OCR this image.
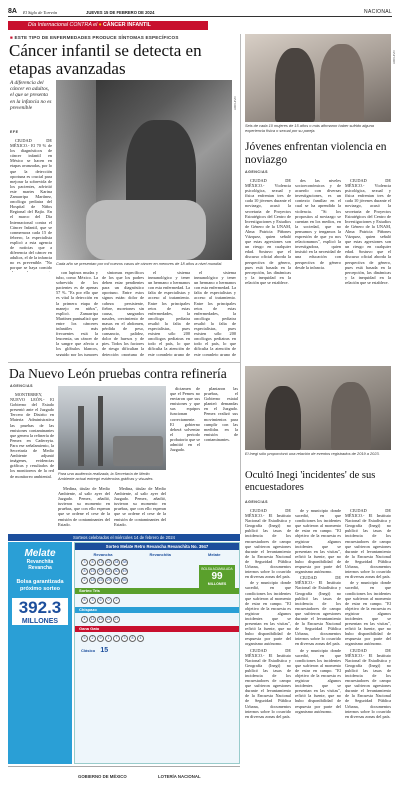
8A El Siglo de Torreón	JUEVES 15 DE FEBRERO DE 2024	NACIONAL
Día Internacional CONTRA el ♦ CÁNCER INFANTIL
■ ESTE TIPO DE ENFERMEDADES PRODUCE SÍNTOMAS ESPECÍFICOS
Cáncer infantil se detecta en etapas avanzadas
A diferencia del cáncer en adultos, el que se presenta en la infancia no es prevenible
EFE

CIUDAD DE MÉXICO.- El 70 % de los diagnósticos de cáncer infantil en México se hacen en etapas avanzadas, por lo que la detección oportuna es crucial para mejorar la sobrevida de los pacientes, advirtió este martes Karina Zamarripa Martínez, oncóloga pediatra del Hospital de Niños Regional del Bajío. En el marco del Día Internacional contra el Cáncer Infantil, que se conmemora cada 15 de febrero, la especialista explicó a esta agencia de noticias que a diferencia del cáncer en adultos, el de la infancia no es prevenible. "No porque se haya comido

ARCHIVO
Cada año se presentan por mil nuevos casos de cáncer en menores de 18 años a nivel mundial.

con lupinos mudas y tubo, como México. La sobrevida de los pacientes es de apenas 57 %. "Es por ello que es vital la detección en la primera etapa de manejo en niños", explicó. Zamarripa Martínez puntualizó que entre los cánceres infantiles más frecuentes está la leucemia, un cáncer de la sangre que afecta a los glóbulos blancos, seguido por los tumores

síntomas específicos de los que los padres deben estar pendientes para un diagnóstico oportuno. Entre estos signos están: dolor de cabeza persistente, fiebre, moretones sin causa, sangrados nasales, crecimiento de masas en el abdomen, pérdida de peso, cansancio, palidez, dolor de huesos y de pies. Todos los factores de riesgo dificultan la detección oportuna de

el sistema inmunológico y tener un hermano o hermanos con esta enfermedad. La falta de especialistas y acceso al tratamiento. Entre los principales retos de estas enfermedades, la oncóloga pediatra resaltó la falta de especialistas, pues existen sólo 200 oncólogos pediatras en todo el país, lo que dificulta la atención de este complejo grupo de

el sistema inmunológico y tener un hermano o hermanos con esta enfermedad. La falta de especialistas y acceso al tratamiento. Entre los principales retos de estas enfermedades, la oncóloga pediatra resaltó la falta de especialistas, pues existen sólo 200 oncólogos pediatras en todo el país, lo que dificulta la atención de este complejo grupo de

ARCHIVO
Seis de cada 10 mujeres de 15 años o más afirmaron haber sufrido alguna experiencia física o sexual por su pareja.
Jóvenes enfrentan violencia en noviazgo
AGENCIAS

CIUDAD DE MÉXICO.- Violencia psicológica, sexual y física enfrentan tres de cada 10 jóvenes durante el noviazgo, acusó la secretaria de Proyectos Estratégicos del Centro de Investigaciones y Estudios de Género de la UNAM, Alma Patricia Piñones Vázquez, quien señaló que estas agresiones son un riesgo en cualquier edad. Sostuvo que el discurso oficial aborda la perspectiva de género, pues está basada en la percepción, las dinámicas y la inequidad en la relación que se establece.

des las niveles socioeconómicos y de acuerdo con diversas investigaciones, es un contexto familiar en el cual se ha aprendido la violencia. "Si los propositos al noviazgo se cuentan en los medios, en la sociedad, que no pensamos y tengamos la expresión de que ya nos relacionamos", explicó la investigadora, quien insistió en la necesidad de una educación con perspectiva de género desde la infancia.

CIUDAD DE MÉXICO.- Violencia psicológica, sexual y física enfrentan tres de cada 10 jóvenes durante el noviazgo, acusó la secretaria de Proyectos Estratégicos del Centro de Investigaciones y Estudios de Género de la UNAM, Alma Patricia Piñones Vázquez, quien señaló que estas agresiones son un riesgo en cualquier edad. Sostuvo que el discurso oficial aborda la perspectiva de género, pues está basada en la percepción, las dinámicas y la inequidad en la relación que se establece.

Da Nuevo León pruebas contra refinería
AGENCIAS

MONTERREY, NUEVO LEÓN.- El Gobierno del Estado presentó ante el Juzgado Tercero de Distrito en Materia Administrativa las pruebas de las emisiones contaminantes que genera la refinería de Pemex en Cadereyta. Para ese señalamiento, la Secretaría de Medio Ambiente adjuntó imágenes, evidencias gráficas y resultados de los monitoreos de la red de monitoreo ambiental.	Para una audiencia realizada, la Secretaría de Medio Ambiente actual entregó evidencias gráficas y visuales.

Medina, titular de Medio Ambiente, al salir ayer del Juzgado. Pemex, añadió, tuvieron su momento en pruebas, que con ello esperan que se ordene el cese de la emisión de contaminantes del Estado.

Medina, titular de Medio Ambiente, al salir ayer del Juzgado. Pemex, añadió, tuvieron su momento en pruebas, que con ello esperan que se ordene el cese de la emisión de contaminantes del Estado.

dictamen de que el Pemex no enviaron que sus emisiones y que sus equipos funcionan correctamente. El gobierno deberá solventar el periodo probatorio que se admitió en el Juzgado.

plantaron las pruebas, el Gobierno estatal planteó demandas en el Juzgado. Pemex realizó sus movimientos para cumplir con las medidas en la emisión de contaminantes.

El Inegi sólo proporcionó una relación de eventos registrados de 2019 a 2023.
Ocultó Inegi 'incidentes' de sus encuestadores
AGENCIAS

CIUDAD DE MÉXICO.- El Instituto Nacional de Estadística y Geografía (Inegi) no publicó las tasas de incidencia de los encuestadores de campo que sufrieron agresiones durante el levantamiento de la Encuesta Nacional de Seguridad Pública Urbana, documentos internos sobre lo ocurrido en diversas zonas del país.

de y municipio donde sucedió, en que condiciones los incidentes que sufrieron al momento de estar en campo. "El objetivo de la encuesta es registrar algunos incidentes que se presentan en las visitas", refirió la fuente, que no hubo disponibilidad de respuesta por parte del organismo autónomo.

CIUDAD DE MÉXICO.- El Instituto Nacional de Estadística y Geografía (Inegi) no publicó las tasas de incidencia de los encuestadores de campo que sufrieron agresiones durante el levantamiento de la Encuesta Nacional de Seguridad Pública Urbana, documentos internos sobre lo ocurrido en diversas zonas del país.

de y municipio donde sucedió, en que condiciones los incidentes que sufrieron al momento de estar en campo. "El objetivo de la encuesta es registrar algunos incidentes que se presentan en las visitas", refirió la fuente, que no hubo disponibilidad de respuesta por parte del organismo autónomo.

CIUDAD DE MÉXICO.- El Instituto Nacional de Estadística y Geografía (Inegi) no publicó las tasas de incidencia de los encuestadores de campo que sufrieron agresiones durante el levantamiento de la Encuesta Nacional de Seguridad Pública Urbana, documentos internos sobre lo ocurrido en diversas zonas del país.

de y municipio donde sucedió, en que condiciones los incidentes que sufrieron al momento de estar en campo. "El objetivo de la encuesta es registrar algunos incidentes que se presentan en las visitas", refirió la fuente, que no hubo disponibilidad de respuesta por parte del organismo autónomo.

CIUDAD DE MÉXICO.- El Instituto Nacional de Estadística y Geografía (Inegi) no publicó las tasas de incidencia de los encuestadores de campo que sufrieron agresiones durante el levantamiento de la Encuesta Nacional de Seguridad Pública Urbana, documentos internos sobre lo ocurrido en diversas zonas del país.

de y municipio donde sucedió, en que condiciones los incidentes que sufrieron al momento de estar en campo. "El objetivo de la encuesta es registrar algunos incidentes que se presentan en las visitas", refirió la fuente, que no hubo disponibilidad de respuesta por parte del organismo autónomo.

CIUDAD DE MÉXICO.- El Instituto Nacional de Estadística y Geografía (Inegi) no publicó las tasas de incidencia de los encuestadores de campo que sufrieron agresiones durante el levantamiento de la Encuesta Nacional de Seguridad Pública Urbana, documentos internos sobre lo ocurrido en diversas zonas del país.

Sorteos celebrados el miércoles 14 de febrero de 2024
Melate
Revanchita
Revancha
Bolsa garantizada próximo sorteo
392.3
MILLONES
Sorteo Melate Retro Revancha Revanchita No. 3947
Revancha	Revanchita	Melate
3 8 13 22 34 38
8 15 19 24 30 49
2 18 23 29 41 55
BOLSA ACUMULADA
99
MILLONES
Sorteo Tris
8 3 6 0 2
Chispazo
4 11 19 22 27
Gana Gato
5 2 9 1 7 3 8 4
Clásico 15
GOBIERNO DE MÉXICO	LOTERÍA NACIONAL
